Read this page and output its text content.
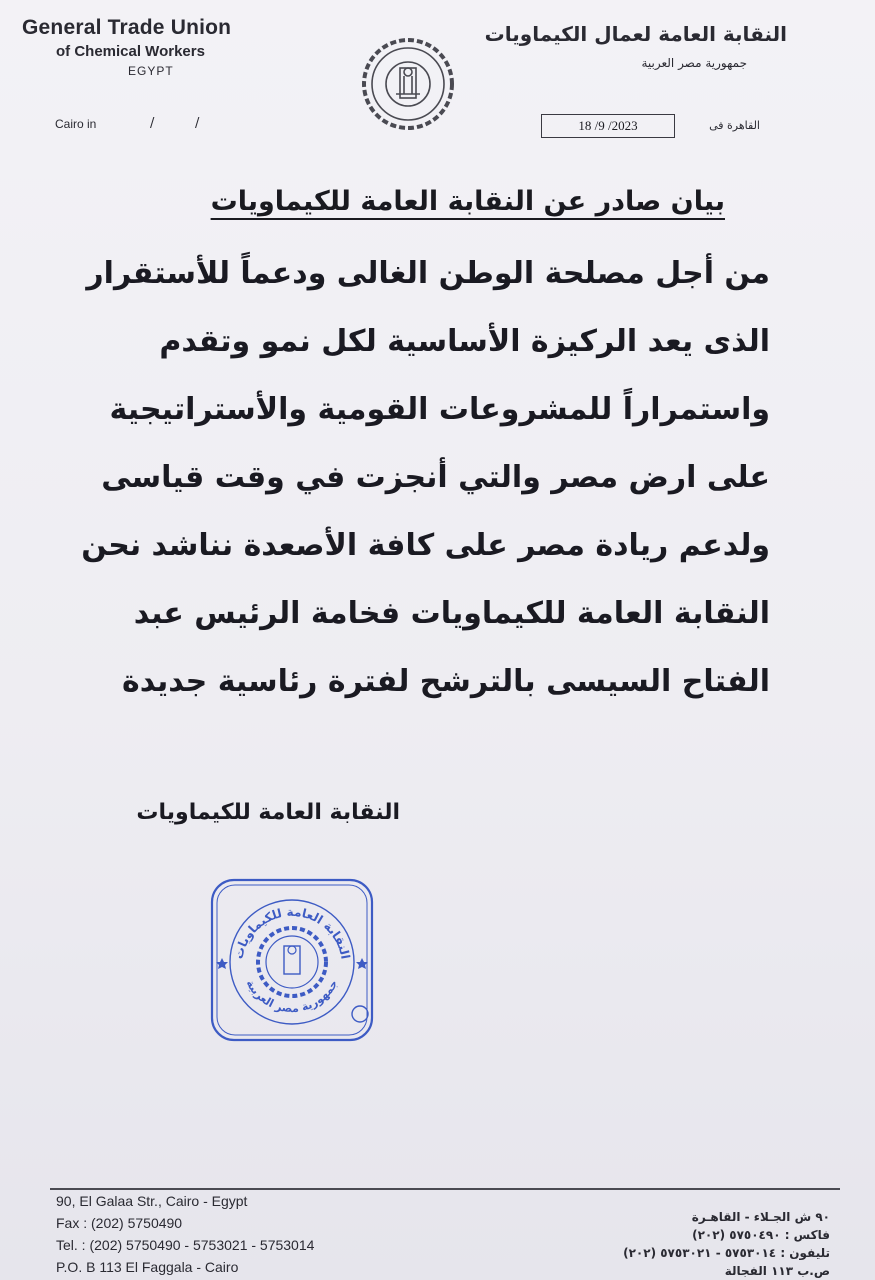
General Trade Union
of Chemical Workers
EGYPT
النقابة العامة لعمال الكيماويات
جمهورية مصر العربية
Cairo in	/	/	18 /9 /2023	القاهرة فى
بيان صادر عن النقابة العامة للكيماويات
من أجل مصلحة الوطن الغالى ودعماً للأستقرار
الذى يعد الركيزة الأساسية لكل نمو وتقدم
واستمراراً للمشروعات القومية والأستراتيجية
على ارض مصر والتي أنجزت في وقت قياسى
ولدعم ريادة مصر على كافة الأصعدة نناشد نحن
النقابة العامة للكيماويات فخامة الرئيس عبد
الفتاح السيسى بالترشح لفترة رئاسية جديدة
النقابة العامة للكيماويات
النقابة العامة للكيماويات
جمهورية مصر العربية
90, El Galaa Str., Cairo - Egypt
Fax : (202) 5750490
Tel. : (202) 5750490 - 5753021 - 5753014
P.O. B 113 El Faggala - Cairo
٩٠ ش الجـلاء - القاهـرة
فاكس : ٥٧٥٠٤٩٠ (٢٠٢)
تليفون : ٥٧٥٣٠١٤ - ٥٧٥٣٠٢١ (٢٠٢)
ص.ب ١١٣ الفجالة
